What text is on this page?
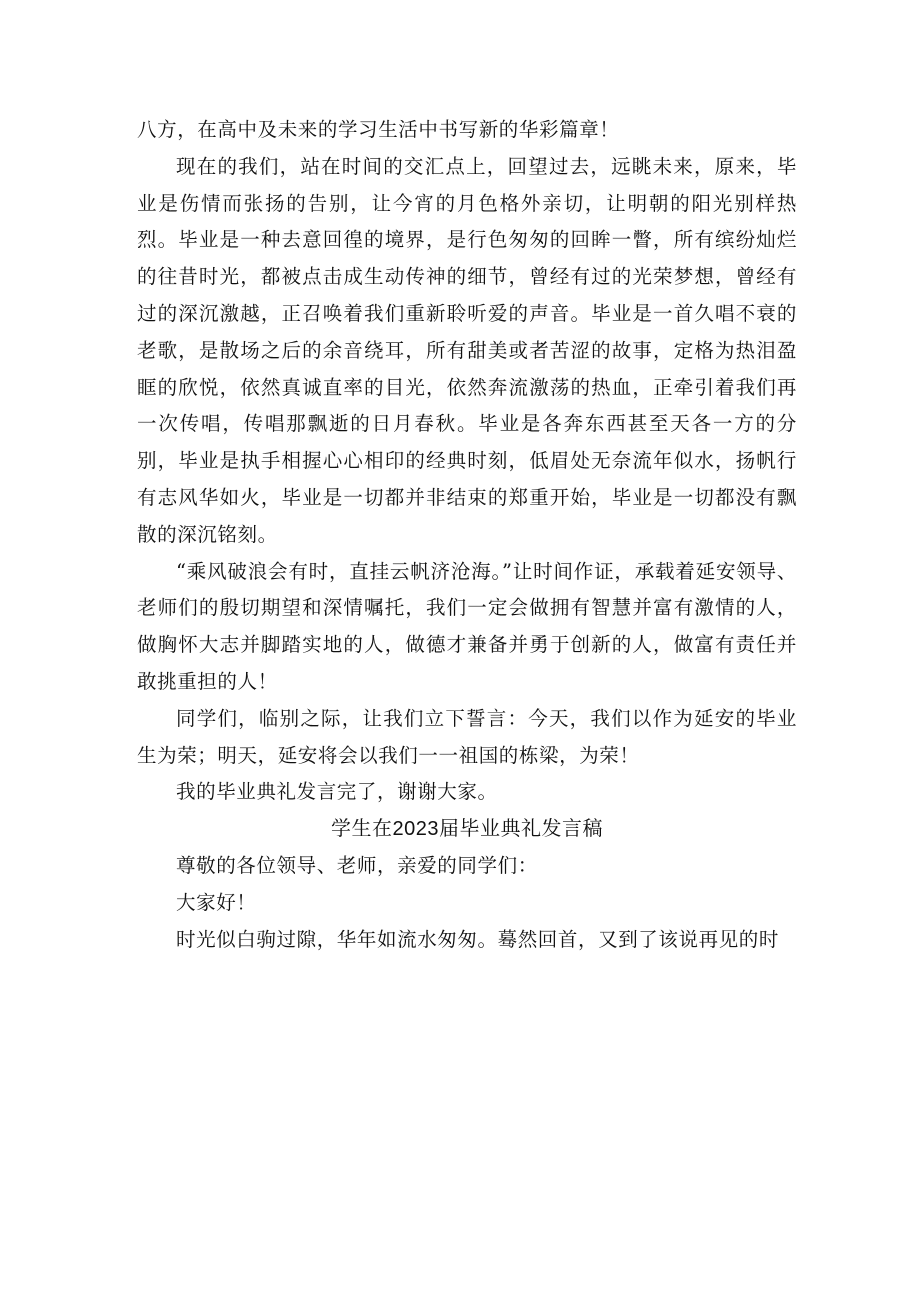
八方，在高中及未来的学习生活中书写新的华彩篇章！

现在的我们，站在时间的交汇点上，回望过去，远眺未来，原来，毕业是伤情而张扬的告别，让今宵的月色格外亲切，让明朝的阳光别样热烈。毕业是一种去意回徨的境界，是行色匆匆的回眸一瞥，所有缤纷灿烂的往昔时光，都被点击成生动传神的细节，曾经有过的光荣梦想，曾经有过的深沉激越，正召唤着我们重新聆听爱的声音。毕业是一首久唱不衰的老歌，是散场之后的余音绕耳，所有甜美或者苦涩的故事，定格为热泪盈眶的欣悦，依然真诚直率的目光，依然奔流激荡的热血，正牵引着我们再一次传唱，传唱那飘逝的日月春秋。毕业是各奔东西甚至天各一方的分别，毕业是执手相握心心相印的经典时刻，低眉处无奈流年似水，扬帆行有志风华如火，毕业是一切都并非结束的郑重开始，毕业是一切都没有飘散的深沉铭刻。

“乘风破浪会有时，直挂云帆济沧海。”让时间作证，承载着延安领导、老师们的殷切期望和深情嘱托，我们一定会做拥有智慧并富有激情的人，做胸怀大志并脚踏实地的人，做德才兼备并勇于创新的人，做富有责任并敢挑重担的人！

同学们，临别之际，让我们立下誓言：今天，我们以作为延安的毕业生为荣；明天，延安将会以我们一一祖国的栋梁，为荣！

我的毕业典礼发言完了，谢谢大家。

学生在2023届毕业典礼发言稿

尊敬的各位领导、老师，亲爱的同学们：

大家好！

时光似白驹过隙，华年如流水匆匆。蓦然回首，又到了该说再见的时
